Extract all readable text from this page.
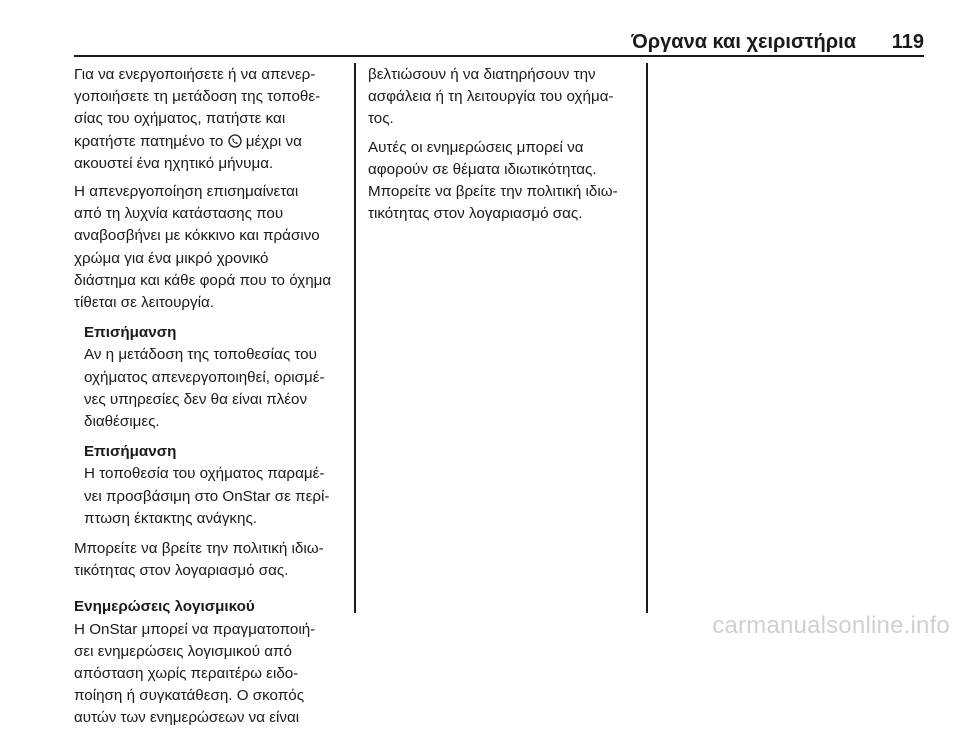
Όργανα και χειριστήρια	119

Για να ενεργοποιήσετε ή να απενερ-

γοποιήσετε τη μετάδοση της τοποθε-

σίας του οχήματος, πατήστε και

κρατήστε πατημένο το  μέχρι να

ακουστεί ένα ηχητικό μήνυμα.

Η απενεργοποίηση επισημαίνεται

από τη λυχνία κατάστασης που

αναβοσβήνει με κόκκινο και πράσινο

χρώμα για ένα μικρό χρονικό

διάστημα και κάθε φορά που το όχημα

τίθεται σε λειτουργία.

Επισήμανση

Αν η μετάδοση της τοποθεσίας του

οχήματος απενεργοποιηθεί, ορισμέ-

νες υπηρεσίες δεν θα είναι πλέον

διαθέσιμες.

Επισήμανση

Η τοποθεσία του οχήματος παραμέ-

νει προσβάσιμη στο OnStar σε περί-

πτωση έκτακτης ανάγκης.

Μπορείτε να βρείτε την πολιτική ιδιω-

τικότητας στον λογαριασμό σας.

Ενημερώσεις λογισμικού

Η OnStar μπορεί να πραγματοποιή-

σει ενημερώσεις λογισμικού από

απόσταση χωρίς περαιτέρω ειδο-

ποίηση ή συγκατάθεση. Ο σκοπός

αυτών των ενημερώσεων να είναι

βελτιώσουν ή να διατηρήσουν την

ασφάλεια ή τη λειτουργία του οχήμα-

τος.

Αυτές οι ενημερώσεις μπορεί να

αφορούν σε θέματα ιδιωτικότητας.

Μπορείτε να βρείτε την πολιτική ιδιω-

τικότητας στον λογαριασμό σας.

carmanualsonline.info
